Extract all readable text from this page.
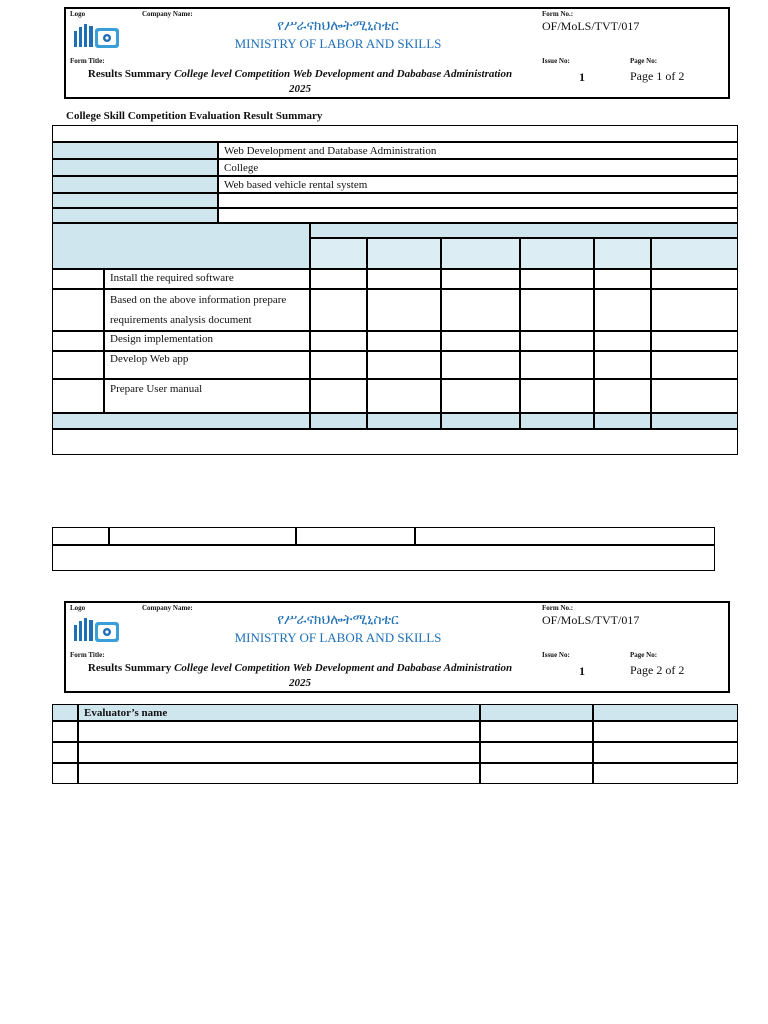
Logo	Company Name:
የሥራናክህሎትሚኒስቴር
MINISTRY OF LABOR AND SKILLS
Form No.:
OF/MoLS/TVT/017
Form Title:
Results Summary College level Competition Web Development and Dababase Administration
2025
Issue No:
1
Page No:
Page 1 of 2
College Skill Competition Evaluation Result Summary
Web Development and Database Administration
College
Web based vehicle rental system
Install the required software
Based on the above information prepare
requirements analysis document
Design implementation
Develop Web app
Prepare User manual
Logo	Company Name:
የሥራናክህሎትሚኒስቴር
MINISTRY OF LABOR AND SKILLS
Form No.:
OF/MoLS/TVT/017
Form Title:
Results Summary College level Competition Web Development and Dababase Administration
2025
Issue No:
1
Page No:
Page 2 of 2
Evaluator’s name
